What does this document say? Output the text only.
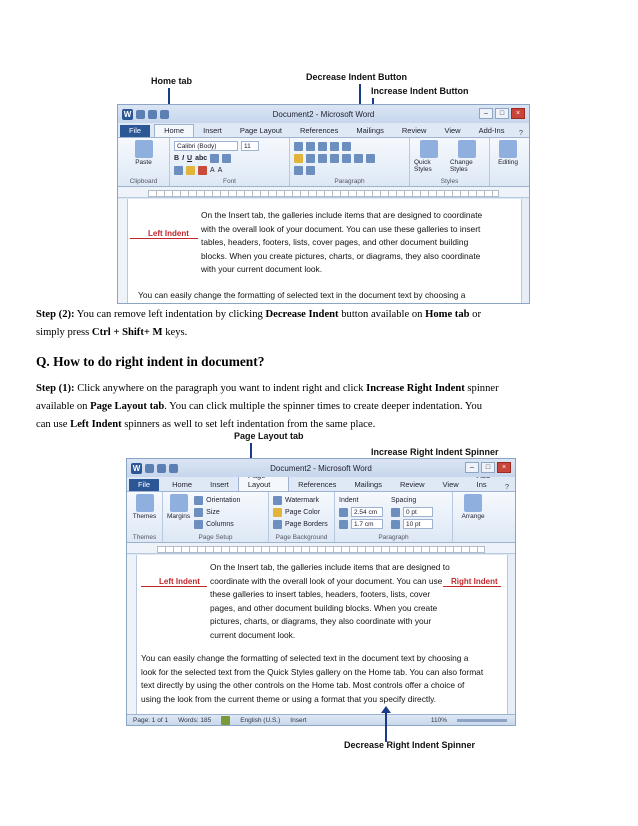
Home tab	Decrease Indent Button
Increase Indent Button
W	Document2 - Microsoft Word	–	□	×
File	Home	Insert	Page Layout	References	Mailings	Review	View	Add-Ins	?
Paste
Clipboard
Calibri (Body)	11
B I U abc
A A
Font	Paragraph
Quick Styles
Change Styles
Styles
Editing
On the Insert tab, the galleries include items that are designed to coordinate
with the overall look of your document. You can use these galleries to insert
tables, headers, footers, lists, cover pages, and other document building
blocks. When you create pictures, charts, or diagrams, they also coordinate
with your current document look.
You can easily change the formatting of selected text in the document text by choosing a
Left Indent
Step (2): You can remove left indentation by clicking Decrease Indent button available on Home tab or
simply press Ctrl + Shift+ M keys.
Q. How to do right indent in document?
Step (1): Click anywhere on the paragraph you want to indent right and click Increase Right Indent spinner
available on Page Layout tab. You can click multiple the spinner times to create deeper indentation. You
can use Left Indent spinners as well to set left indentation from the same place.
Page Layout tab
Increase Right Indent Spinner
W	Document2 - Microsoft Word	–	□	×
File	Home	Insert	Layout	References	Mailings	Review	View	Ins	?
Themes
Themes
Margins
Orientation
Size
Columns
Page Setup
Watermark
Page Color
Page Borders
Page Background
Indent
2.54 cm
1.7 cm
Spacing
0 pt
10 pt
Paragraph
Arrange
On the Insert tab, the galleries include items that are designed to
coordinate with the overall look of your document. You can use
these galleries to insert tables, headers, footers, lists, cover
pages, and other document building blocks. When you create
pictures, charts, or diagrams, they also coordinate with your
current document look.
You can easily change the formatting of selected text in the document text by choosing a
look for the selected text from the Quick Styles gallery on the Home tab. You can also format
text directly by using the other controls on the Home tab. Most controls offer a choice of
using the look from the current theme or using a format that you specify directly.
Left Indent	Right Indent
Page: 1 of 1 Words: 185	English (U.S.) Insert	110%
Decrease Right Indent Spinner
